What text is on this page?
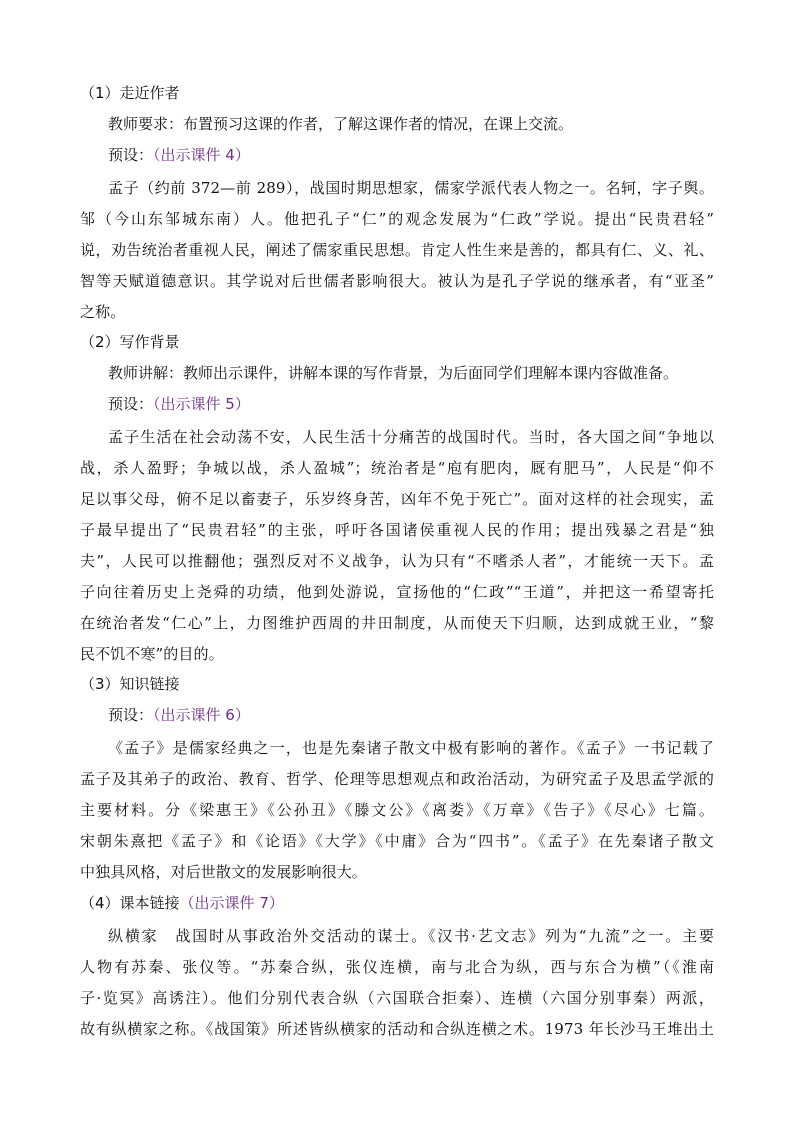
（1）走近作者
教师要求：布置预习这课的作者，了解这课作者的情况，在课上交流。
预设：（出示课件 4）
孟子（约前 372—前 289），战国时期思想家，儒家学派代表人物之一。名轲，字子舆。
邹（今山东邹城东南）人。他把孔子“仁”的观念发展为“仁政”学说。提出“民贵君轻”
说，劝告统治者重视人民，阐述了儒家重民思想。肯定人性生来是善的，都具有仁、义、礼、
智等天赋道德意识。其学说对后世儒者影响很大。被认为是孔子学说的继承者，有“亚圣”
之称。
（2）写作背景
教师讲解：教师出示课件，讲解本课的写作背景，为后面同学们理解本课内容做准备。
预设：（出示课件 5）
孟子生活在社会动荡不安，人民生活十分痛苦的战国时代。当时，各大国之间“争地以
战，杀人盈野；争城以战，杀人盈城”；统治者是“庖有肥肉，厩有肥马”，人民是“仰不
足以事父母，俯不足以畜妻子，乐岁终身苦，凶年不免于死亡”。面对这样的社会现实，孟
子最早提出了“民贵君轻”的主张，呼吁各国诸侯重视人民的作用；提出残暴之君是“独
夫”，人民可以推翻他；强烈反对不义战争，认为只有“不嗜杀人者”，才能统一天下。孟
子向往着历史上尧舜的功绩，他到处游说，宣扬他的“仁政”“王道”，并把这一希望寄托
在统治者发“仁心”上，力图维护西周的井田制度，从而使天下归顺，达到成就王业，“黎
民不饥不寒”的目的。
（3）知识链接
预设：（出示课件 6）
《孟子》是儒家经典之一，也是先秦诸子散文中极有影响的著作。《孟子》一书记载了
孟子及其弟子的政治、教育、哲学、伦理等思想观点和政治活动，为研究孟子及思孟学派的
主要材料。分《梁惠王》《公孙丑》《滕文公》《离娄》《万章》《告子》《尽心》七篇。
宋朝朱熹把《孟子》和《论语》《大学》《中庸》合为“四书”。《孟子》在先秦诸子散文
中独具风格，对后世散文的发展影响很大。
（4）课本链接（出示课件 7）
纵横家　战国时从事政治外交活动的谋士。《汉书·艺文志》列为“九流”之一。主要
人物有苏秦、张仪等。“苏秦合纵，张仪连横，南与北合为纵，西与东合为横”（《淮南
子·览冥》高诱注）。他们分别代表合纵（六国联合拒秦）、连横（六国分别事秦）两派，
故有纵横家之称。《战国策》所述皆纵横家的活动和合纵连横之术。1973 年长沙马王堆出土
